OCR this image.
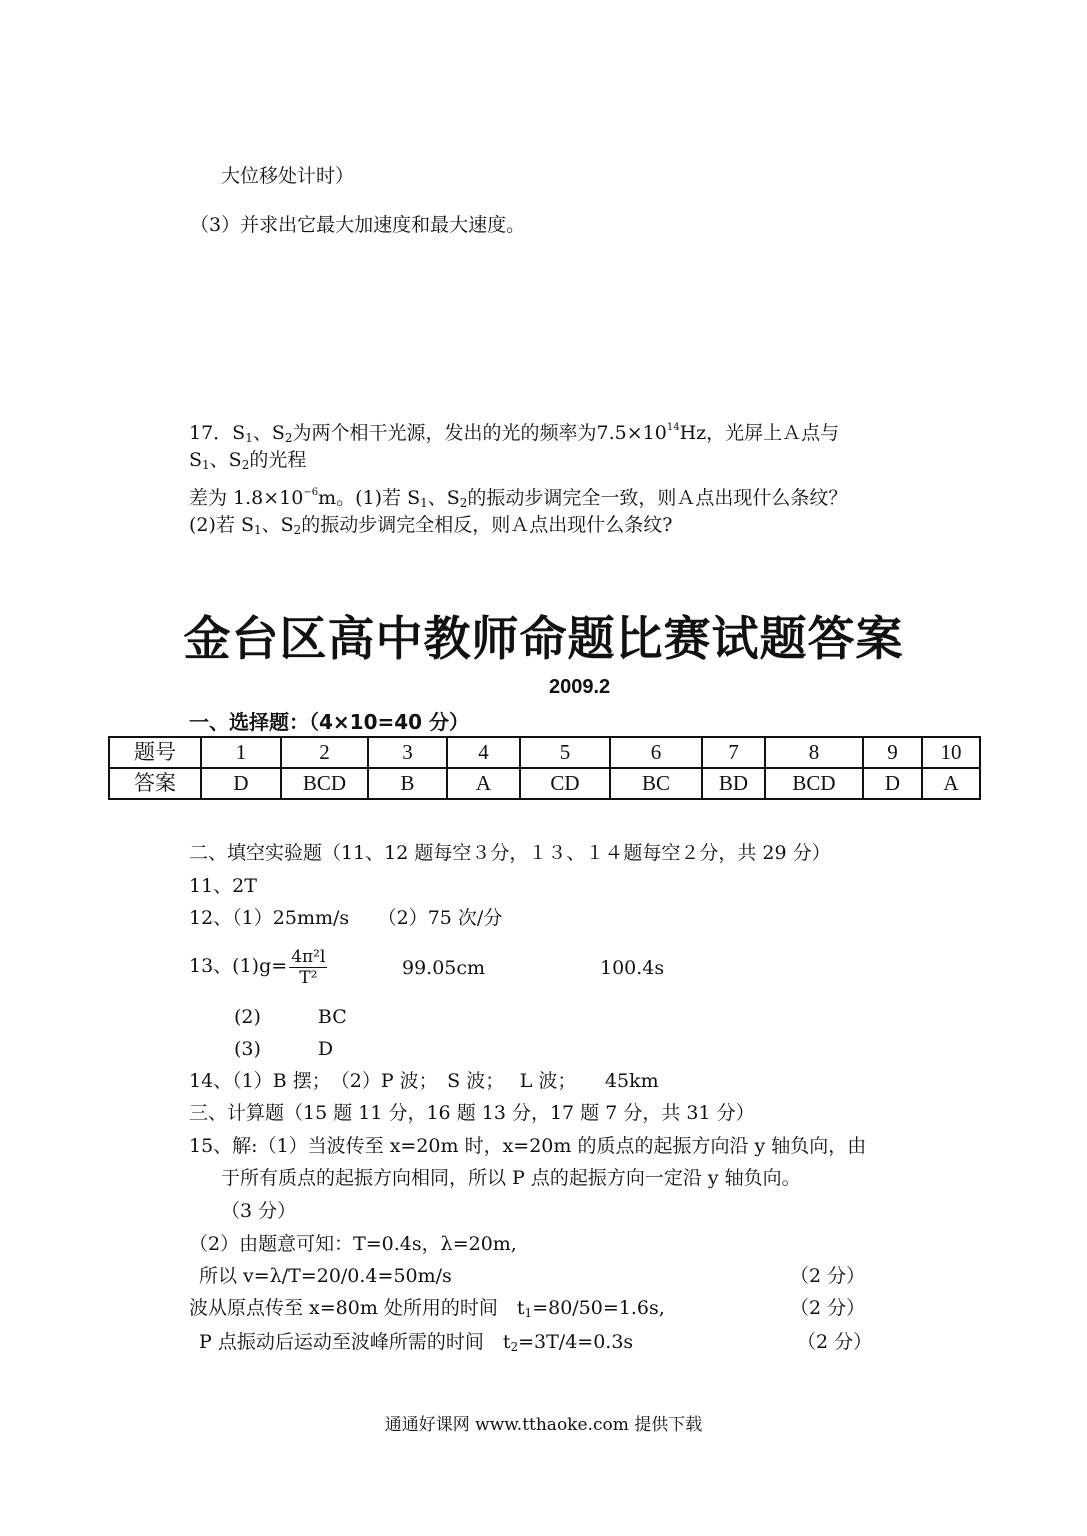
大位移处计时）
（3）并求出它最大加速度和最大速度。
17．$S_1$、$S_2$为两个相干光源，发出的光的频率为$7.5\times 10^{14}Hz$，光屏上Ａ点与
$S_1$、$S_2$的光程
差为 $1.8\times 10^{-6}m$。(1)若 $S_1$、$S_2$的振动步调完全一致，则Ａ点出现什么条纹？
(2)若 $S_1$、$S_2$的振动步调完全相反，则Ａ点出现什么条纹?
金台区高中教师命题比赛试题答案
2009.2
一、选择题：（4×10=40 分）
题号	1	2	3	4	5	6	7	8	9	10
答案	D	BCD	B	A	CD	BC	BD	BCD	D	A
二、填空实验题（11、12 题每空３分，１３、１４题每空２分，共 29 分）
11、2T
12、（1）25mm/s　　（2）75 次/分
13、$(1)g= \frac{\text{4π²l}}{\text{T²}}$	99.05cm	100.4s
(2)　　　BC
(3)　　　D
14、（1）B 摆；　（2）P 波；　S 波；　 L 波；　　45km
三、计算题（15 题 11 分，16 题 13 分，17 题 7 分，共 31 分）
15、解:（1）当波传至 x=20m 时，x=20m 的质点的起振方向沿 y 轴负向，由
于所有质点的起振方向相同，所以 P 点的起振方向一定沿 y 轴负向。
（3 分）
（2）由题意可知：T=0.4s，λ=20m,
所以 v=λ/T=20/0.4=50m/s	（2 分）
波从原点传至 x=80m 处所用的时间　$t_1=80/50=1.6s$,	（2 分）
P 点振动后运动至波峰所需的时间　$t_2=3T/4=0.3s$	（2 分）
通通好课网 www.tthaoke.com 提供下载
